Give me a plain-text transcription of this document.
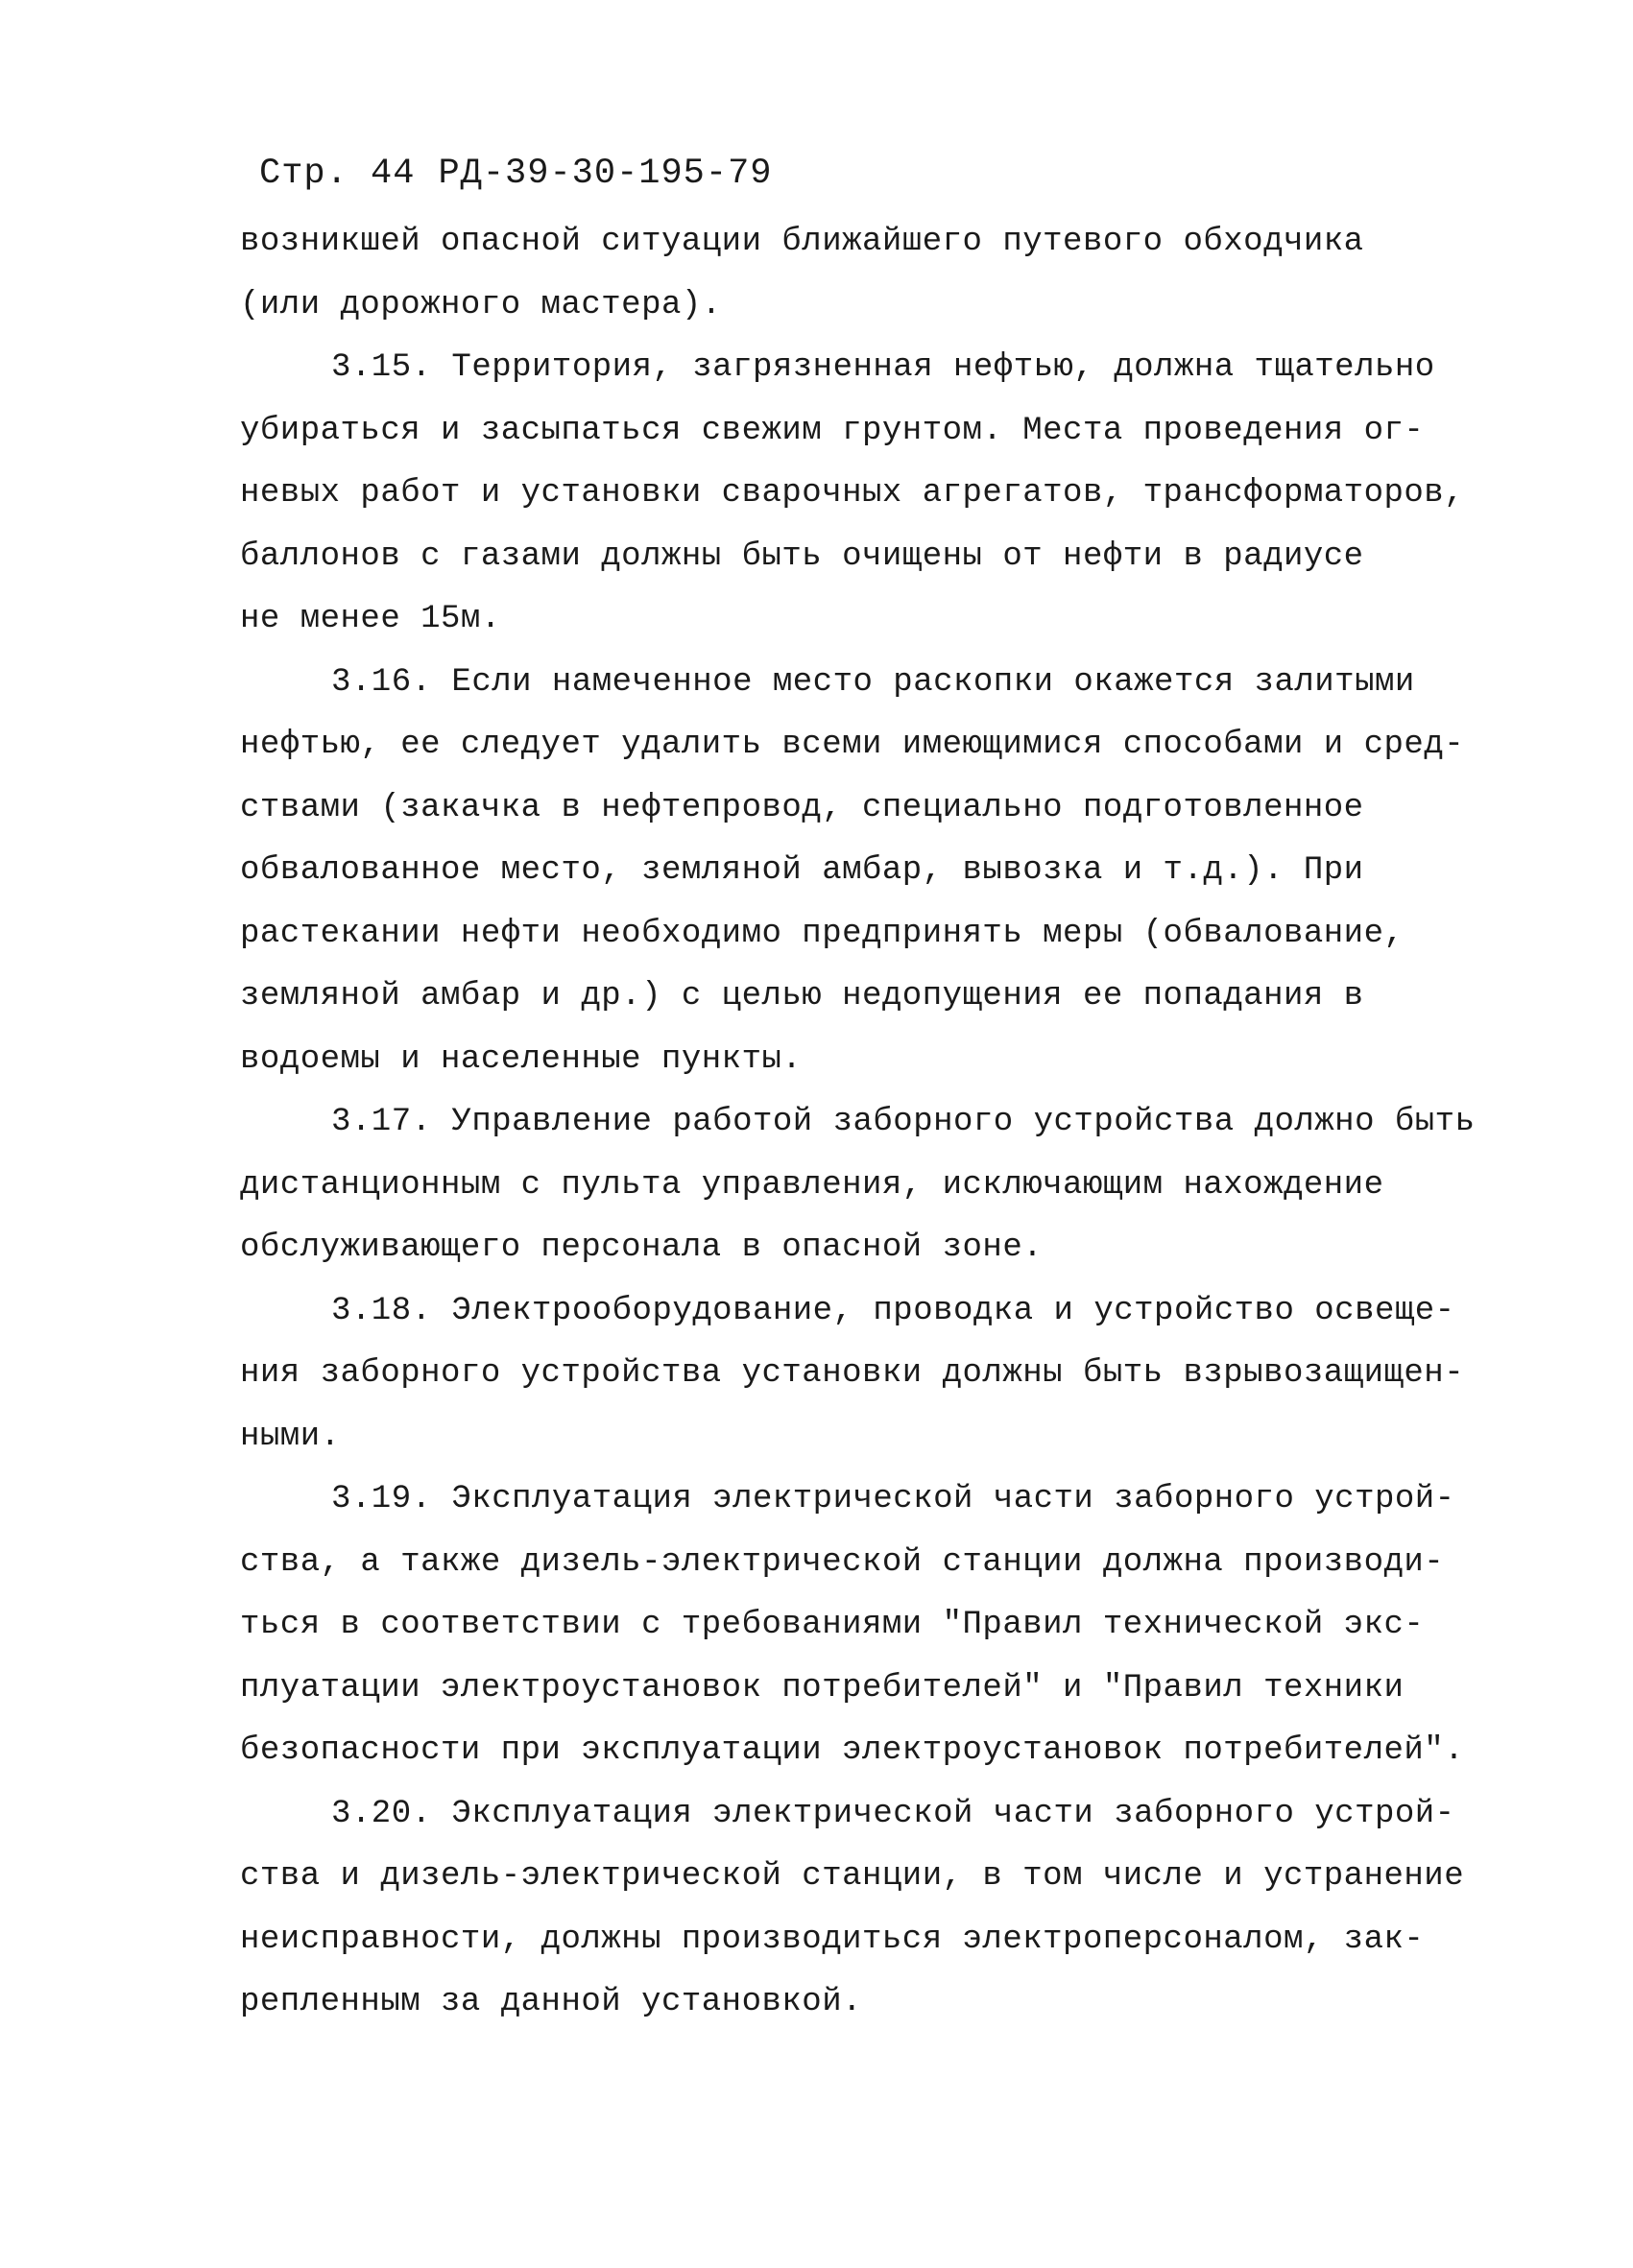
Стр. 44 РД-39-30-195-79
возникшей опасной ситуации ближайшего путевого обходчика
(или дорожного мастера).
3.15. Территория, загрязненная нефтью, должна тщательно
убираться и засыпаться свежим грунтом. Места проведения ог-
невых работ и установки сварочных агрегатов, трансформаторов,
баллонов с газами должны быть очищены от нефти в радиусе
не менее 15м.
3.16. Если намеченное место раскопки окажется залитыми
нефтью, ее следует удалить всеми имеющимися способами и сред-
ствами (закачка в нефтепровод, специально подготовленное
обвалованное место, земляной амбар, вывозка и т.д.). При
растекании нефти необходимо предпринять меры (обвалование,
земляной амбар и др.) с целью недопущения ее попадания в
водоемы и населенные пункты.
3.17. Управление работой заборного устройства должно быть
дистанционным с пульта управления, исключающим нахождение
обслуживающего персонала в опасной зоне.
3.18. Электрооборудование, проводка и устройство освеще-
ния заборного устройства установки должны быть взрывозащищен-
ными.
3.19. Эксплуатация электрической части заборного устрой-
ства, а также дизель-электрической станции должна производи-
ться в соответствии с требованиями "Правил технической экс-
плуатации электроустановок потребителей" и "Правил техники
безопасности при эксплуатации электроустановок потребителей".
3.20. Эксплуатация электрической части заборного устрой-
ства и дизель-электрической станции, в том числе и устранение
неисправности, должны производиться электроперсоналом, зак-
репленным за данной установкой.
